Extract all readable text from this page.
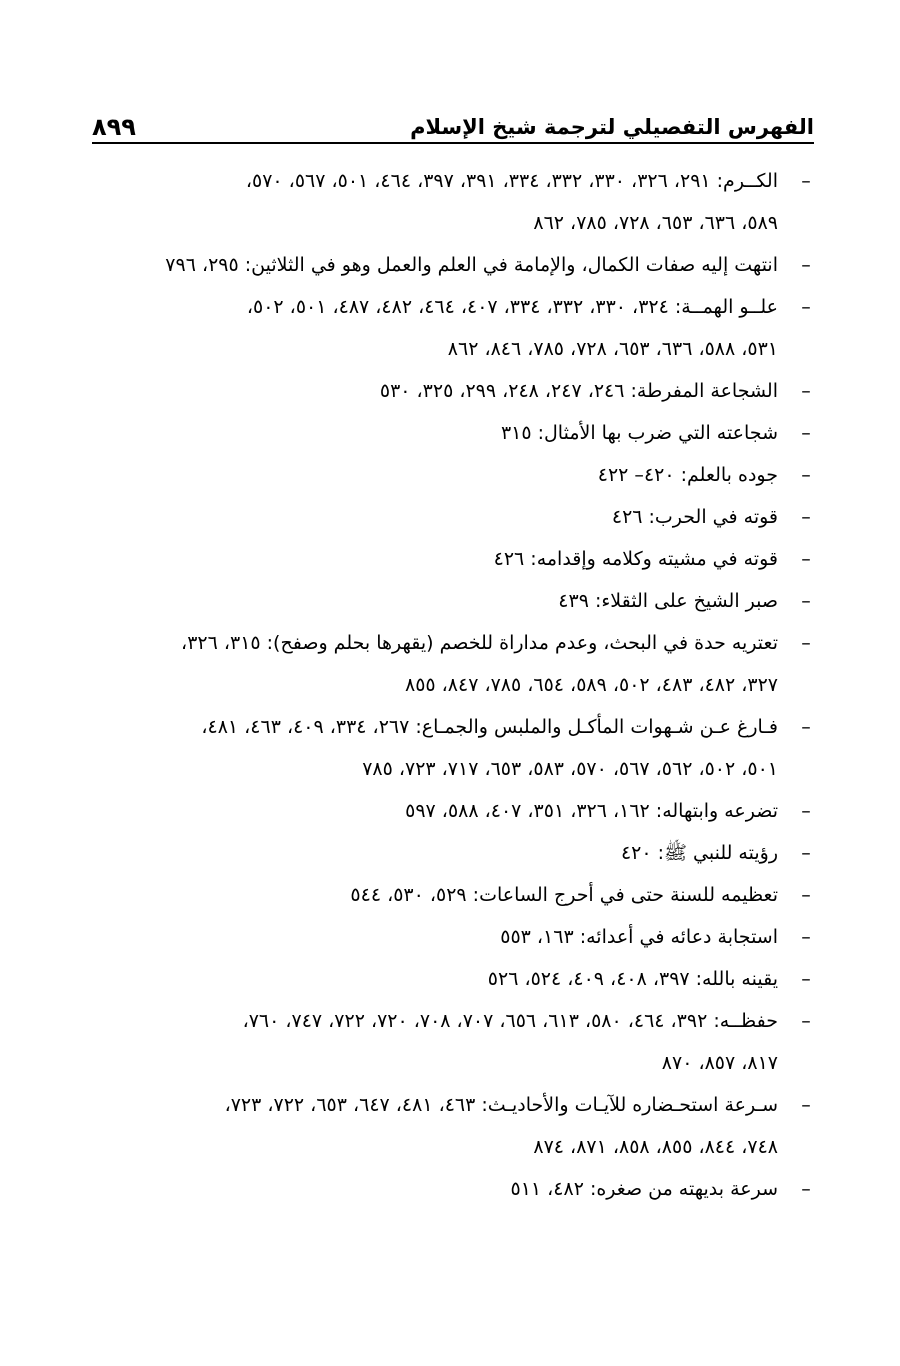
الفهرس التفصيلي لترجمة شيخ الإسلام
٨٩٩
–
الكــرم: ٢٩١، ٣٢٦، ٣٣٠، ٣٣٢، ٣٣٤، ٣٩١، ٣٩٧، ٤٦٤، ٥٠١، ٥٦٧، ٥٧٠،
٥٨٩، ٦٣٦، ٦٥٣، ٧٢٨، ٧٨٥، ٨٦٢
–
انتهت إليه صفات الكمال، والإمامة في العلم والعمل وهو في الثلاثين: ٢٩٥، ٧٩٦
–
علــو الهمــة: ٣٢٤، ٣٣٠، ٣٣٢، ٣٣٤، ٤٠٧، ٤٦٤، ٤٨٢، ٤٨٧، ٥٠١، ٥٠٢،
٥٣١، ٥٨٨، ٦٣٦، ٦٥٣، ٧٢٨، ٧٨٥، ٨٤٦، ٨٦٢
–
الشجاعة المفرطة: ٢٤٦، ٢٤٧، ٢٤٨، ٢٩٩، ٣٢٥، ٥٣٠
–
شجاعته التي ضرب بها الأمثال: ٣١٥
–
جوده بالعلم: ٤٢٠– ٤٢٢
–
قوته في الحرب: ٤٢٦
–
قوته في مشيته وكلامه وإقدامه: ٤٢٦
–
صبر الشيخ على الثقلاء: ٤٣٩
–
تعتريه حدة في البحث، وعدم مداراة للخصم (يقهرها بحلم وصفح): ٣١٥، ٣٢٦،
٣٢٧، ٤٨٢، ٤٨٣، ٥٠٢، ٥٨٩، ٦٥٤، ٧٨٥، ٨٤٧، ٨٥٥
–
فـارغ عـن شـهوات المأكـل والملبس والجمـاع: ٢٦٧، ٣٣٤، ٤٠٩، ٤٦٣، ٤٨١،
٥٠١، ٥٠٢، ٥٦٢، ٥٦٧، ٥٧٠، ٥٨٣، ٦٥٣، ٧١٧، ٧٢٣، ٧٨٥
–
تضرعه وابتهاله: ١٦٢، ٣٢٦، ٣٥١، ٤٠٧، ٥٨٨، ٥٩٧
–
رؤيته للنبي ﷺ: ٤٢٠
–
تعظيمه للسنة حتى في أحرج الساعات: ٥٢٩، ٥٣٠، ٥٤٤
–
استجابة دعائه في أعدائه: ١٦٣، ٥٥٣
–
يقينه بالله: ٣٩٧، ٤٠٨، ٤٠٩، ٥٢٤، ٥٢٦
–
حفظــه: ٣٩٢، ٤٦٤، ٥٨٠، ٦١٣، ٦٥٦، ٧٠٧، ٧٠٨، ٧٢٠، ٧٢٢، ٧٤٧، ٧٦٠،
٨١٧، ٨٥٧، ٨٧٠
–
سـرعة استحـضاره للآيـات والأحاديـث: ٤٦٣، ٤٨١، ٦٤٧، ٦٥٣، ٧٢٢، ٧٢٣،
٧٤٨، ٨٤٤، ٨٥٥، ٨٥٨، ٨٧١، ٨٧٤
–
سرعة بديهته من صغره: ٤٨٢، ٥١١
